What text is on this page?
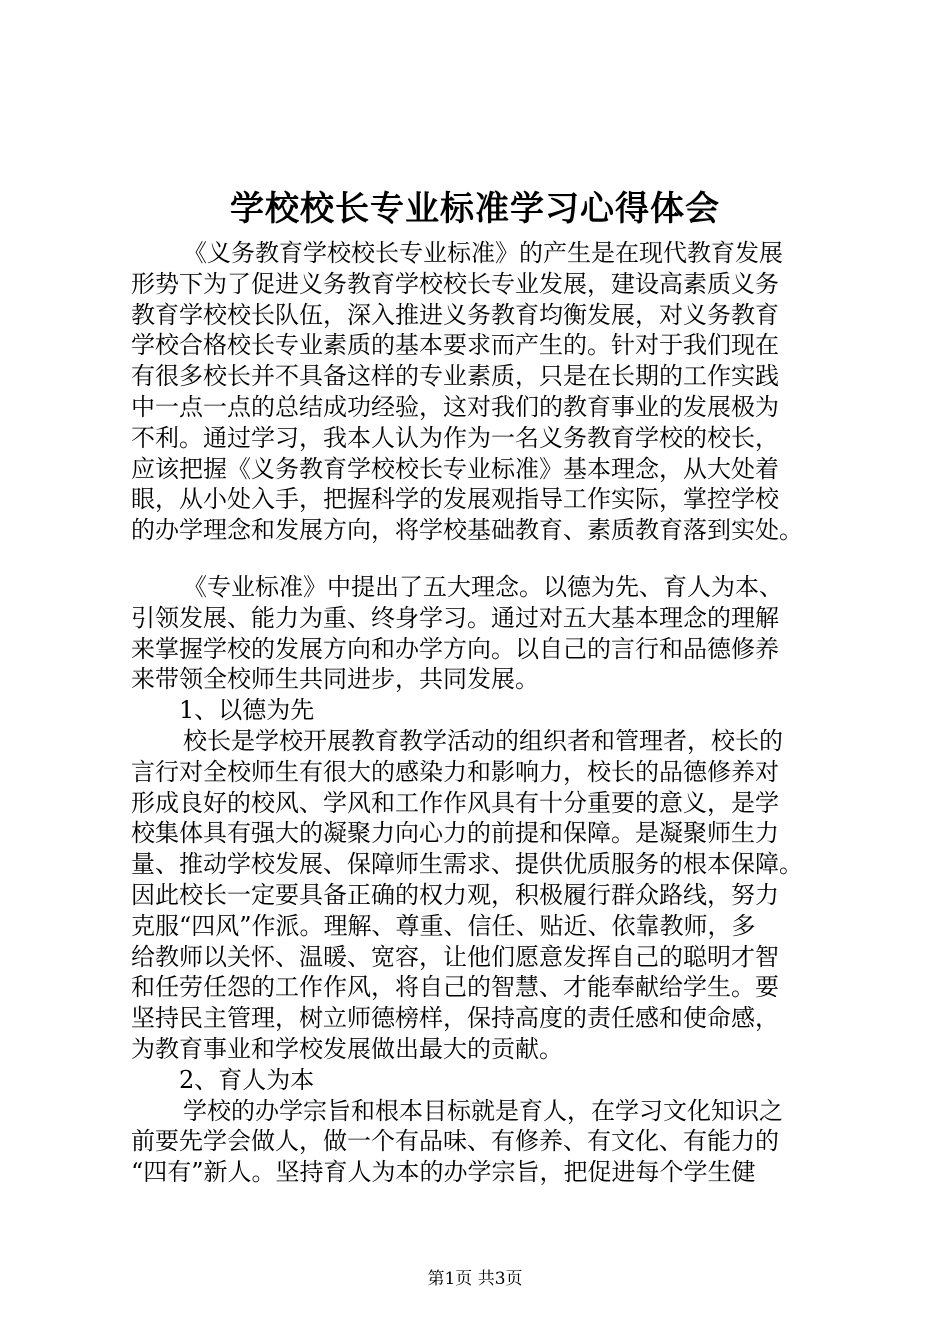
学校校长专业标准学习心得体会
《义务教育学校校长专业标准》的产生是在现代教育发展
形势下为了促进义务教育学校校长专业发展，建设高素质义务
教育学校校长队伍，深入推进义务教育均衡发展，对义务教育
学校合格校长专业素质的基本要求而产生的。针对于我们现在
有很多校长并不具备这样的专业素质，只是在长期的工作实践
中一点一点的总结成功经验，这对我们的教育事业的发展极为
不利。通过学习，我本人认为作为一名义务教育学校的校长，
应该把握《义务教育学校校长专业标准》基本理念，从大处着
眼，从小处入手，把握科学的发展观指导工作实际，掌控学校
的办学理念和发展方向，将学校基础教育、素质教育落到实处。
《专业标准》中提出了五大理念。以德为先、育人为本、
引领发展、能力为重、终身学习。通过对五大基本理念的理解
来掌握学校的发展方向和办学方向。以自己的言行和品德修养
来带领全校师生共同进步，共同发展。
1、以德为先
校长是学校开展教育教学活动的组织者和管理者，校长的
言行对全校师生有很大的感染力和影响力，校长的品德修养对
形成良好的校风、学风和工作作风具有十分重要的意义，是学
校集体具有强大的凝聚力向心力的前提和保障。是凝聚师生力
量、推动学校发展、保障师生需求、提供优质服务的根本保障。
因此校长一定要具备正确的权力观，积极履行群众路线，努力
克服“四风”作派。理解、尊重、信任、贴近、依靠教师，多
给教师以关怀、温暖、宽容，让他们愿意发挥自己的聪明才智
和任劳任怨的工作作风，将自己的智慧、才能奉献给学生。要
坚持民主管理，树立师德榜样，保持高度的责任感和使命感，
为教育事业和学校发展做出最大的贡献。
2、育人为本
学校的办学宗旨和根本目标就是育人，在学习文化知识之
前要先学会做人，做一个有品味、有修养、有文化、有能力的
“四有”新人。坚持育人为本的办学宗旨，把促进每个学生健
第1页 共3页
